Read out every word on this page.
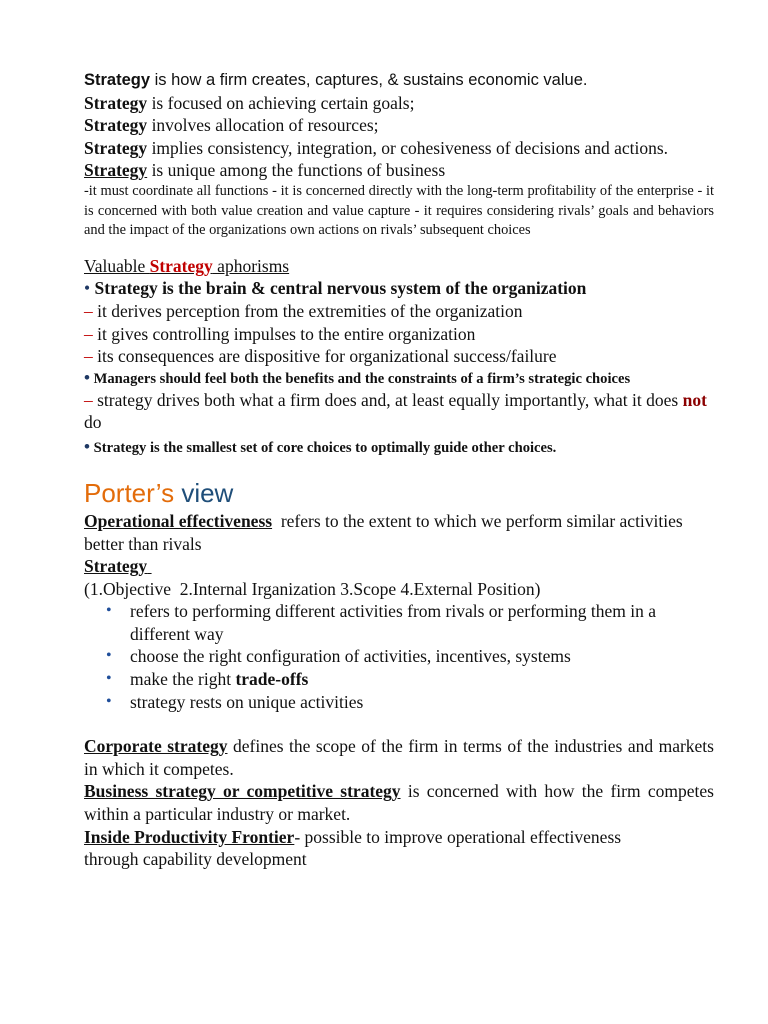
Strategy is how a firm creates, captures, & sustains economic value.

Strategy is focused on achieving certain goals;

Strategy involves allocation of resources;

Strategy implies consistency, integration, or cohesiveness of decisions and actions.

Strategy is unique among the functions of business

-it must coordinate all functions - it is concerned directly with the long-term profitability of the enterprise - it is concerned with both value creation and value capture - it requires considering rivals’ goals and behaviors and the impact of the organizations own actions on rivals’ subsequent choices

Valuable Strategy aphorisms

• Strategy is the brain & central nervous system of the organization

– it derives perception from the extremities of the organization

– it gives controlling impulses to the entire organization

– its consequences are dispositive for organizational success/failure

• Managers should feel both the benefits and the constraints of a firm’s strategic choices

– strategy drives both what a firm does and, at least equally importantly, what it does not do

• Strategy is the smallest set of core choices to optimally guide other choices.

Porter’s view

Operational effectiveness  refers to the extent to which we perform similar activities better than rivals

Strategy

(1.Objective  2.Internal Irganization 3.Scope 4.External Position)

• refers to performing different activities from rivals or performing them in a different way
• choose the right configuration of activities, incentives, systems
• make the right trade-offs
• strategy rests on unique activities

Corporate strategy defines the scope of the firm in terms of the industries and markets in which it competes.

Business strategy or competitive strategy is concerned with how the firm competes within a particular industry or market.

Inside Productivity Frontier- possible to improve operational effectiveness through capability development
